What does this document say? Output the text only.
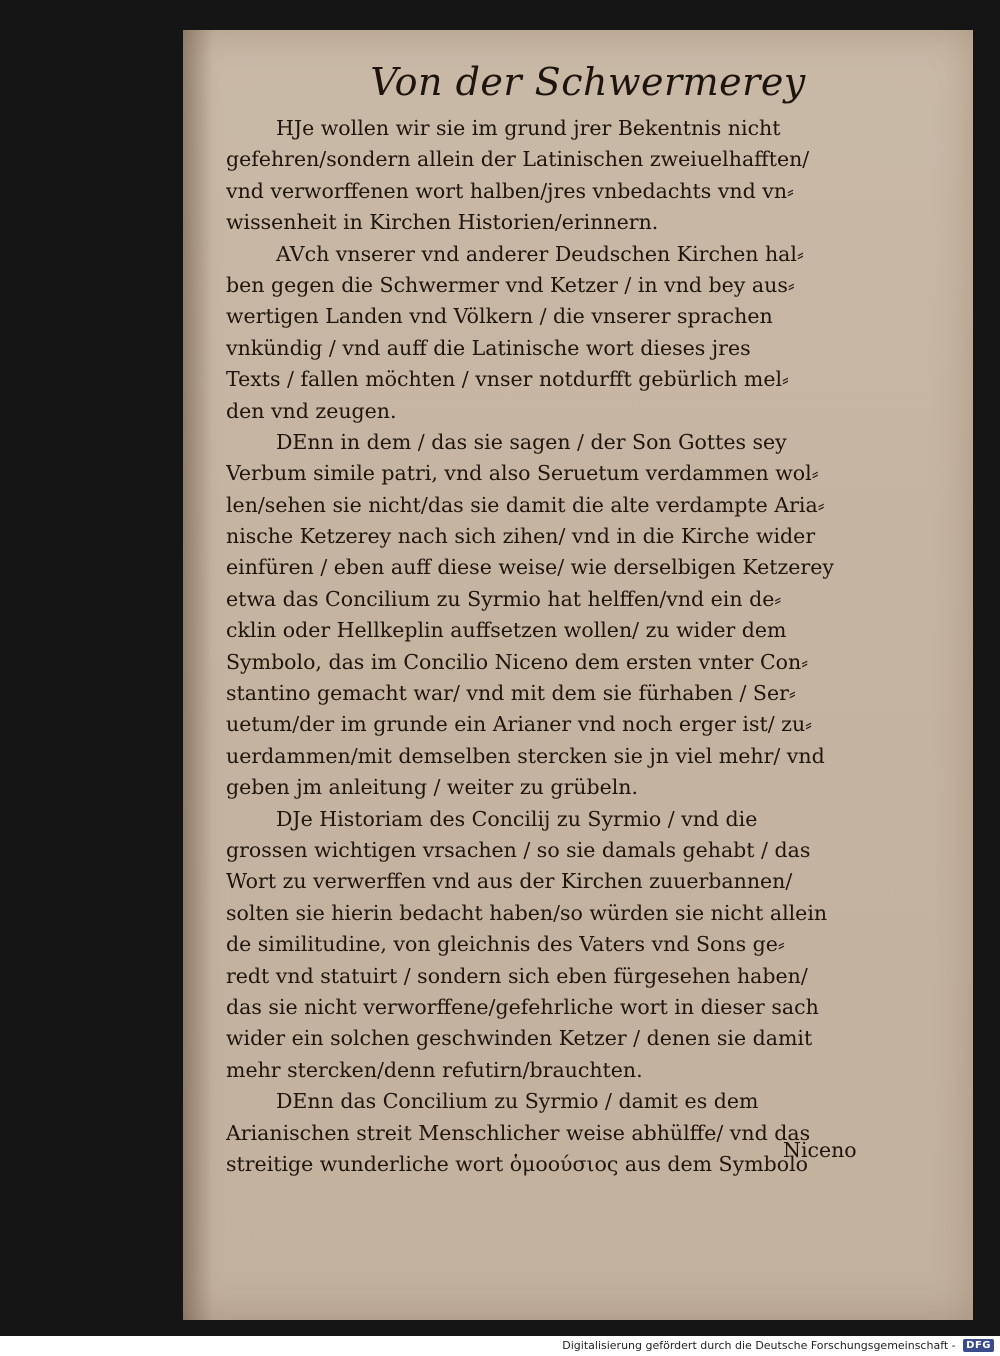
Von der Schwermerey
HJe wollen wir sie im grund jrer Bekentnis nicht
gefehren/sondern allein der Latinischen zweiuelhafften/
vnd verworffenen wort halben/jres vnbedachts vnd vn⸗
wissenheit in Kirchen Historien/erinnern.
AVch vnserer vnd anderer Deudschen Kirchen hal⸗
ben gegen die Schwermer vnd Ketzer / in vnd bey aus⸗
wertigen Landen vnd Völkern / die vnserer sprachen
vnkündig / vnd auff die Latinische wort dieses jres
Texts / fallen möchten / vnser notdurfft gebürlich mel⸗
den vnd zeugen.
DEnn in dem / das sie sagen / der Son Gottes sey
Verbum simile patri, vnd also Seruetum verdammen wol⸗
len/sehen sie nicht/das sie damit die alte verdampte Aria⸗
nische Ketzerey nach sich zihen/ vnd in die Kirche wider
einfüren / eben auff diese weise/ wie derselbigen Ketzerey
etwa das Concilium zu Syrmio hat helffen/vnd ein de⸗
cklin oder Hellkeplin auffsetzen wollen/ zu wider dem
Symbolo, das im Concilio Niceno dem ersten vnter Con⸗
stantino gemacht war/ vnd mit dem sie fürhaben / Ser⸗
uetum/der im grunde ein Arianer vnd noch erger ist/ zu⸗
uerdammen/mit demselben stercken sie jn viel mehr/ vnd
geben jm anleitung / weiter zu grübeln.
DJe Historiam des Concilij zu Syrmio / vnd die
grossen wichtigen vrsachen / so sie damals gehabt / das
Wort zu verwerffen vnd aus der Kirchen zuuerbannen/
solten sie hierin bedacht haben/so würden sie nicht allein
de similitudine, von gleichnis des Vaters vnd Sons ge⸗
redt vnd statuirt / sondern sich eben fürgesehen haben/
das sie nicht verworffene/gefehrliche wort in dieser sach
wider ein solchen geschwinden Ketzer / denen sie damit
mehr stercken/denn refutirn/brauchten.
DEnn das Concilium zu Syrmio / damit es dem
Arianischen streit Menschlicher weise abhülffe/ vnd das
streitige wunderliche wort ὁμοούσιος aus dem Symbolo
Niceno
Digitalisierung gefördert durch die Deutsche Forschungsgemeinschaft - DFG
